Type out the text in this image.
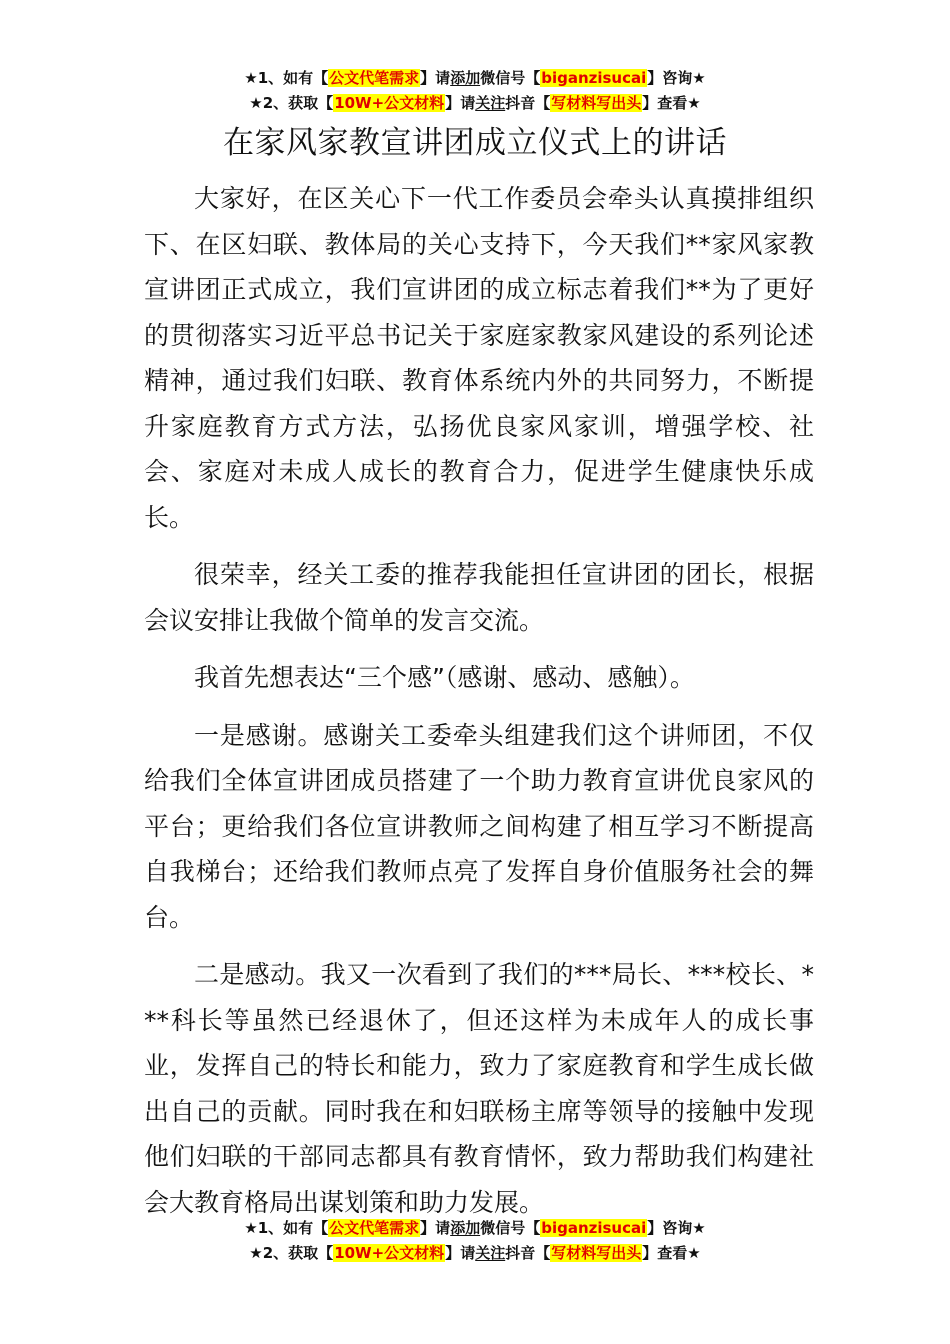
★1、如有【公文代笔需求】请添加微信号【biganzisucai】咨询★
★2、获取【10W+公文材料】请关注抖音【写材料写出头】查看★
在家风家教宣讲团成立仪式上的讲话

大家好，在区关心下一代工作委员会牵头认真摸排组织下、在区妇联、教体局的关心支持下，今天我们**家风家教宣讲团正式成立，我们宣讲团的成立标志着我们**为了更好的贯彻落实习近平总书记关于家庭家教家风建设的系列论述精神，通过我们妇联、教育体系统内外的共同努力，不断提升家庭教育方式方法，弘扬优良家风家训，增强学校、社会、家庭对未成人成长的教育合力，促进学生健康快乐成长。

很荣幸，经关工委的推荐我能担任宣讲团的团长，根据会议安排让我做个简单的发言交流。

我首先想表达“三个感”（感谢、感动、感触）。

一是感谢。感谢关工委牵头组建我们这个讲师团，不仅给我们全体宣讲团成员搭建了一个助力教育宣讲优良家风的平台；更给我们各位宣讲教师之间构建了相互学习不断提高自我梯台；还给我们教师点亮了发挥自身价值服务社会的舞台。

二是感动。我又一次看到了我们的***局长、***校长、***科长等虽然已经退休了，但还这样为未成年人的成长事业，发挥自己的特长和能力，致力了家庭教育和学生成长做出自己的贡献。同时我在和妇联杨主席等领导的接触中发现他们妇联的干部同志都具有教育情怀，致力帮助我们构建社会大教育格局出谋划策和助力发展。

★1、如有【公文代笔需求】请添加微信号【biganzisucai】咨询★
★2、获取【10W+公文材料】请关注抖音【写材料写出头】查看★
